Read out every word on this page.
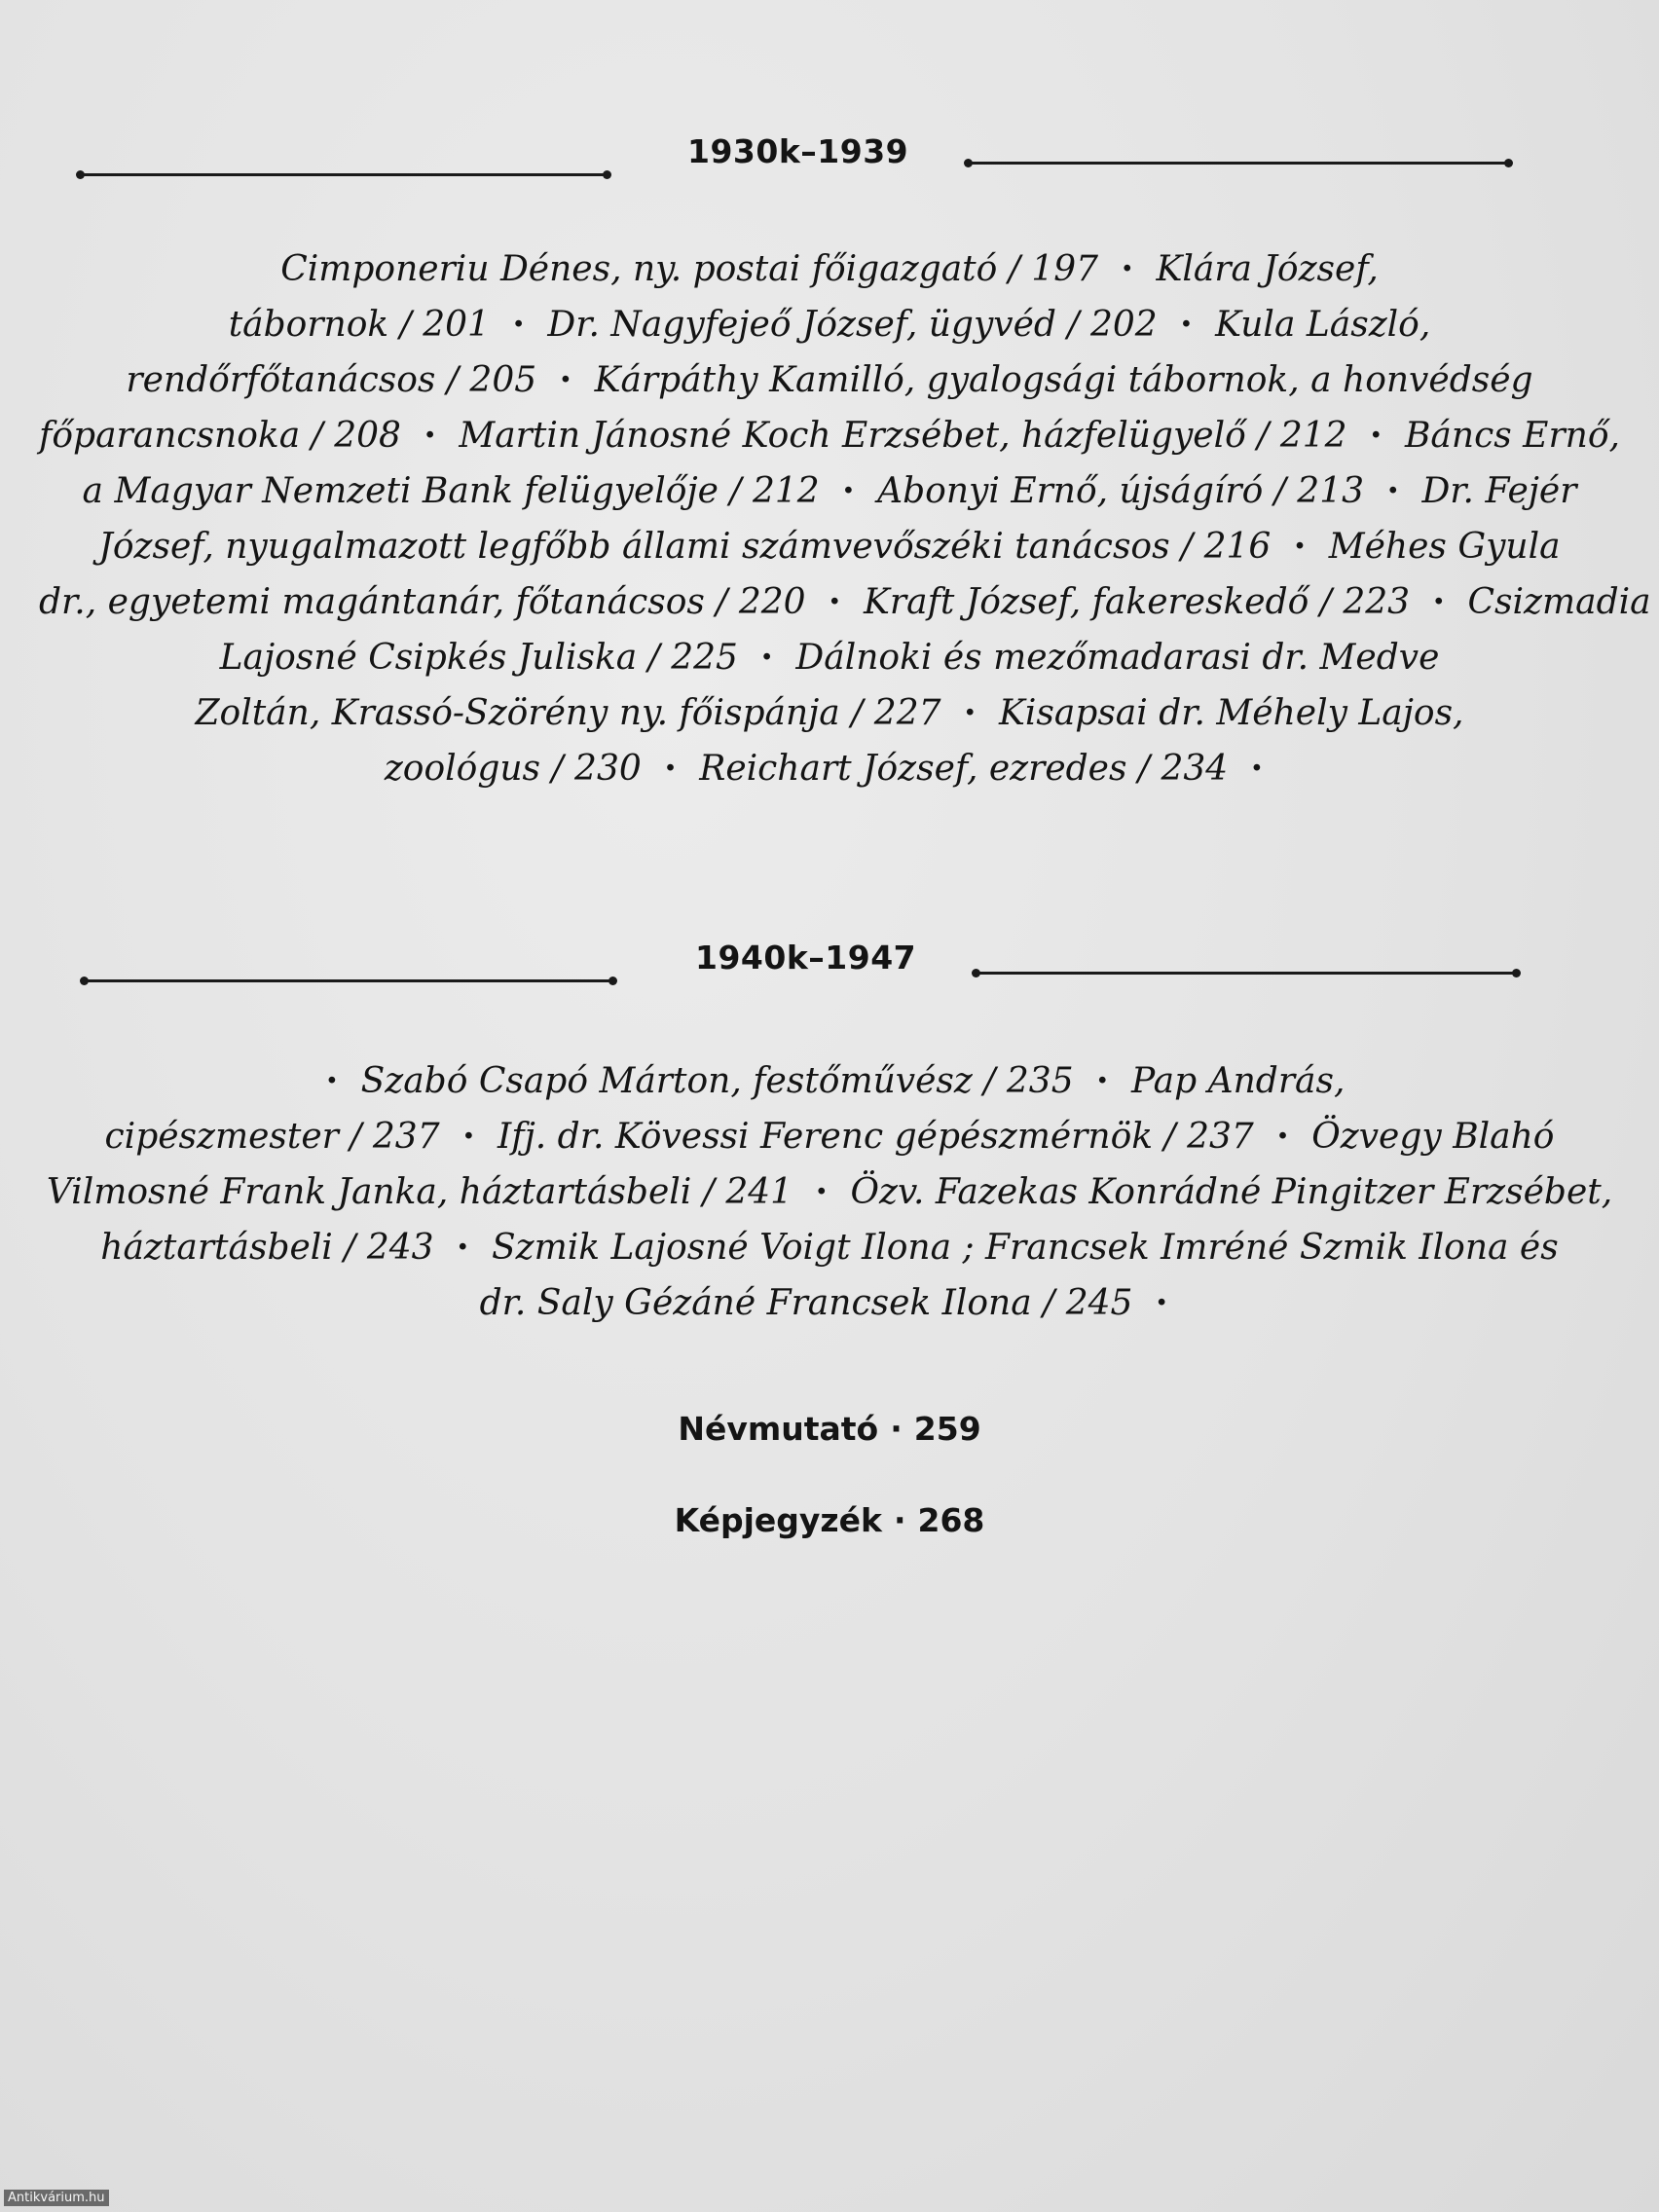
1930k–1939
Cimponeriu Dénes, ny. postai főigazgató / 197 · Klára József,
tábornok / 201 · Dr. Nagyfejeő József, ügyvéd / 202 · Kula László,
rendőrfőtanácsos / 205 · Kárpáthy Kamilló, gyalogsági tábornok, a honvédség
főparancsnoka / 208 · Martin Jánosné Koch Erzsébet, házfelügyelő / 212 · Báncs Ernő,
a Magyar Nemzeti Bank felügyelője / 212 · Abonyi Ernő, újságíró / 213 · Dr. Fejér
József, nyugalmazott legfőbb állami számvevőszéki tanácsos / 216 · Méhes Gyula
dr., egyetemi magántanár, főtanácsos / 220 · Kraft József, fakereskedő / 223 · Csizmadia
Lajosné Csipkés Juliska / 225 · Dálnoki és mezőmadarasi dr. Medve
Zoltán, Krassó-Szörény ny. főispánja / 227 · Kisapsai dr. Méhely Lajos,
zoológus / 230 · Reichart József, ezredes / 234 ·
1940k–1947
· Szabó Csapó Márton, festőművész / 235 · Pap András,
cipészmester / 237 · Ifj. dr. Kövessi Ferenc gépészmérnök / 237 · Özvegy Blahó
Vilmosné Frank Janka, háztartásbeli / 241 · Özv. Fazekas Konrádné Pingitzer Erzsébet,
háztartásbeli / 243 · Szmik Lajosné Voigt Ilona ; Francsek Imréné Szmik Ilona és
dr. Saly Gézáné Francsek Ilona / 245 ·
Névmutató · 259
Képjegyzék · 268
Antikvárium.hu
